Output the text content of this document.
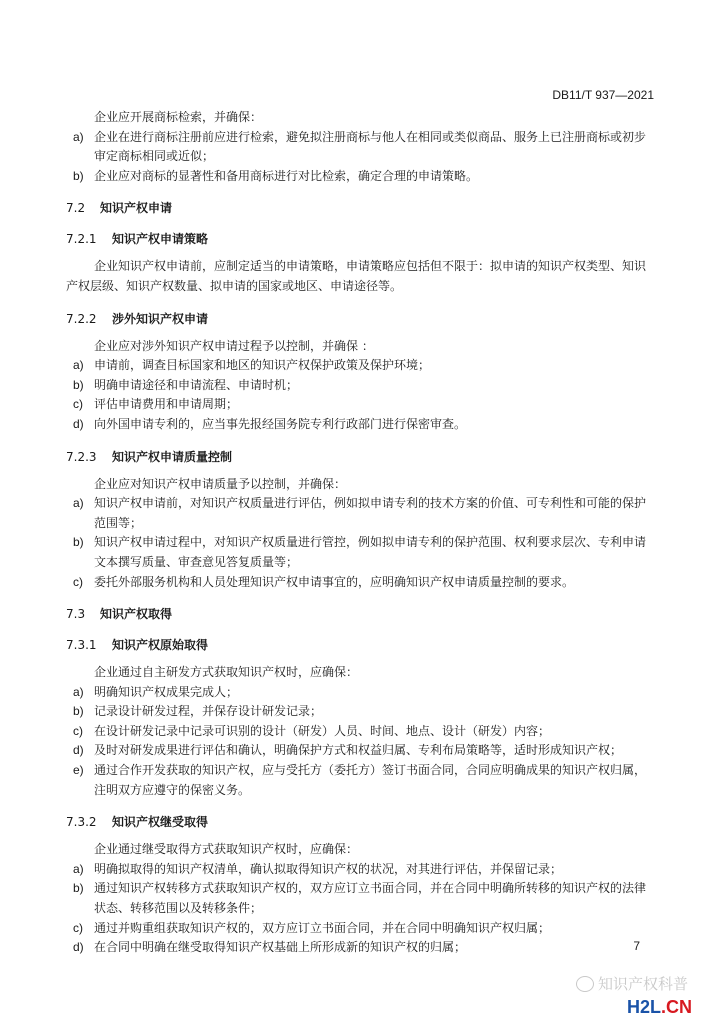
DB11/T 937—2021

企业应开展商标检索，并确保：

a) 企业在进行商标注册前应进行检索，避免拟注册商标与他人在相同或类似商品、服务上已注册商标或初步审定商标相同或近似；

b) 企业应对商标的显著性和备用商标进行对比检索，确定合理的申请策略。

7.2 知识产权申请
7.2.1 知识产权申请策略

企业知识产权申请前，应制定适当的申请策略，申请策略应包括但不限于：拟申请的知识产权类型、知识产权层级、知识产权数量、拟申请的国家或地区、申请途径等。

7.2.2 涉外知识产权申请

企业应对涉外知识产权申请过程予以控制，并确保 ：

a) 申请前，调查目标国家和地区的知识产权保护政策及保护环境；

b) 明确申请途径和申请流程、申请时机；

c) 评估申请费用和申请周期；

d) 向外国申请专利的，应当事先报经国务院专利行政部门进行保密审查。

7.2.3 知识产权申请质量控制

企业应对知识产权申请质量予以控制，并确保：

a) 知识产权申请前，对知识产权质量进行评估，例如拟申请专利的技术方案的价值、可专利性和可能的保护范围等；

b) 知识产权申请过程中，对知识产权质量进行管控，例如拟申请专利的保护范围、权利要求层次、专利申请文本撰写质量、审查意见答复质量等；

c) 委托外部服务机构和人员处理知识产权申请事宜的，应明确知识产权申请质量控制的要求。

7.3 知识产权取得
7.3.1 知识产权原始取得

企业通过自主研发方式获取知识产权时，应确保：

a) 明确知识产权成果完成人；

b) 记录设计研发过程，并保存设计研发记录；

c) 在设计研发记录中记录可识别的设计（研发）人员、时间、地点、设计（研发）内容；

d) 及时对研发成果进行评估和确认，明确保护方式和权益归属、专利布局策略等，适时形成知识产权；

e) 通过合作开发获取的知识产权，应与受托方（委托方）签订书面合同，合同应明确成果的知识产权归属，注明双方应遵守的保密义务。

7.3.2 知识产权继受取得

企业通过继受取得方式获取知识产权时，应确保：

a) 明确拟取得的知识产权清单，确认拟取得知识产权的状况，对其进行评估，并保留记录；

b) 通过知识产权转移方式获取知识产权的，双方应订立书面合同，并在合同中明确所转移的知识产权的法律状态、转移范围以及转移条件；

c) 通过并购重组获取知识产权的，双方应订立书面合同，并在合同中明确知识产权归属；

d) 在合同中明确在继受取得知识产权基础上所形成新的知识产权的归属；	7
知识产权科普
H2L.CN
